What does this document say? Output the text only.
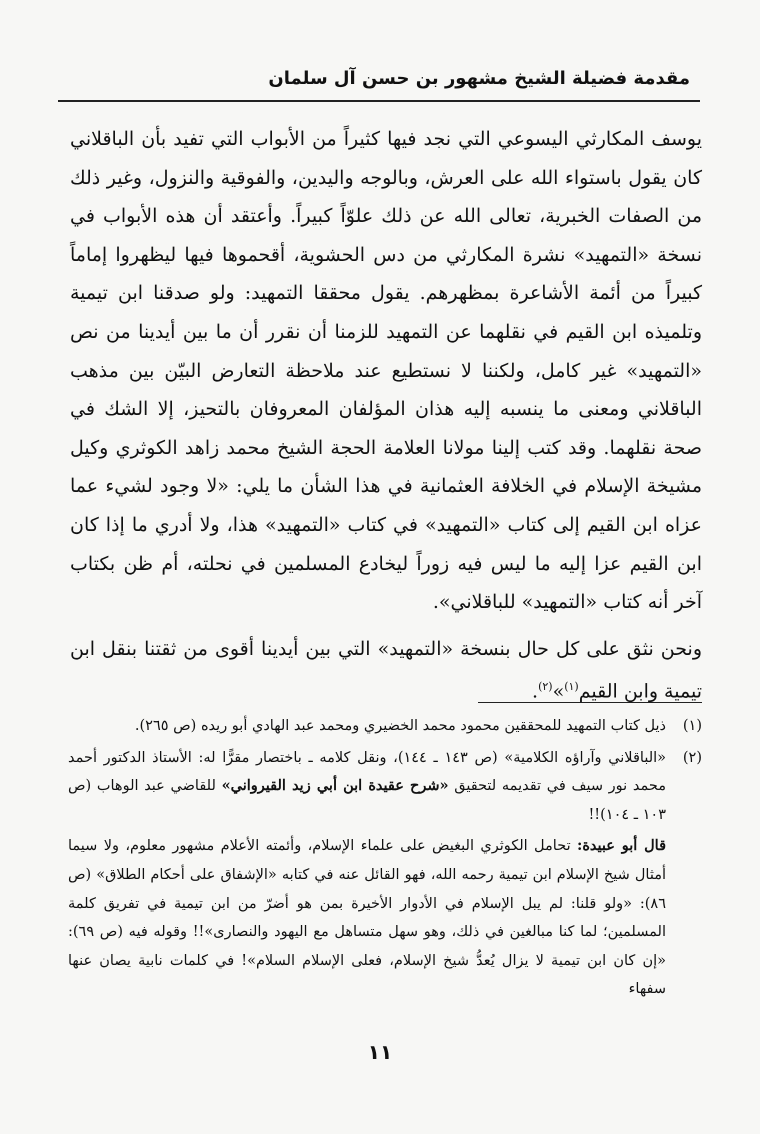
مقدمة فضيلة الشيخ مشهور بن حسن آل سلمان

يوسف المكارثي اليسوعي التي نجد فيها كثيراً من الأبواب التي تفيد بأن الباقلاني كان يقول باستواء الله على العرش، وبالوجه واليدين، والفوقية والنزول، وغير ذلك من الصفات الخبرية، تعالى الله عن ذلك علوّاً كبيراً. وأعتقد أن هذه الأبواب في نسخة «التمهيد» نشرة المكارثي من دس الحشوية، أقحموها فيها ليظهروا إماماً كبيراً من أئمة الأشاعرة بمظهرهم. يقول محققا التمهيد: ولو صدقنا ابن تيمية وتلميذه ابن القيم في نقلهما عن التمهيد للزمنا أن نقرر أن ما بين أيدينا من نص «التمهيد» غير كامل، ولكننا لا نستطيع عند ملاحظة التعارض البيّن بين مذهب الباقلاني ومعنى ما ينسبه إليه هذان المؤلفان المعروفان بالتحيز، إلا الشك في صحة نقلهما. وقد كتب إلينا مولانا العلامة الحجة الشيخ محمد زاهد الكوثري وكيل مشيخة الإسلام في الخلافة العثمانية في هذا الشأن ما يلي: «لا وجود لشيء عما عزاه ابن القيم إلى كتاب «التمهيد» في كتاب «التمهيد» هذا، ولا أدري ما إذا كان ابن القيم عزا إليه ما ليس فيه زوراً ليخادع المسلمين في نحلته، أم ظن بكتاب آخر أنه كتاب «التمهيد» للباقلاني».

ونحن نثق على كل حال بنسخة «التمهيد» التي بين أيدينا أقوى من ثقتنا بنقل ابن تيمية وابن القيم$^{(١)}$»$^{(٢)}$.

(١)
ذيل كتاب التمهيد للمحققين محمود محمد الخضيري ومحمد عبد الهادي أبو ريده (ص ٢٦٥).
(٢)
«الباقلاني وآراؤه الكلامية» (ص ١٤٣ ـ ١٤٤)، ونقل كلامه ـ باختصار مقرًّا له: الأستاذ الدكتور أحمد محمد نور سيف في تقديمه لتحقيق «شرح عقيدة ابن أبي زيد القيرواني» للقاضي عبد الوهاب (ص ١٠٣ ـ ١٠٤)!!
قال أبو عبيدة: تحامل الكوثري البغيض على علماء الإسلام، وأئمته الأعلام مشهور معلوم، ولا سيما أمثال شيخ الإسلام ابن تيمية رحمه الله، فهو القائل عنه في كتابه «الإشفاق على أحكام الطلاق» (ص ٨٦): «ولو قلنا: لم يبل الإسلام في الأدوار الأخيرة بمن هو أضرّ من ابن تيمية في تفريق كلمة المسلمين؛ لما كنا مبالغين في ذلك، وهو سهل متساهل مع اليهود والنصارى»!! وقوله فيه (ص ٦٩): «إن كان ابن تيمية لا يزال يُعدُّ شيخ الإسلام، فعلى الإسلام السلام»! في كلمات نابية يصان عنها سفهاء
١١
